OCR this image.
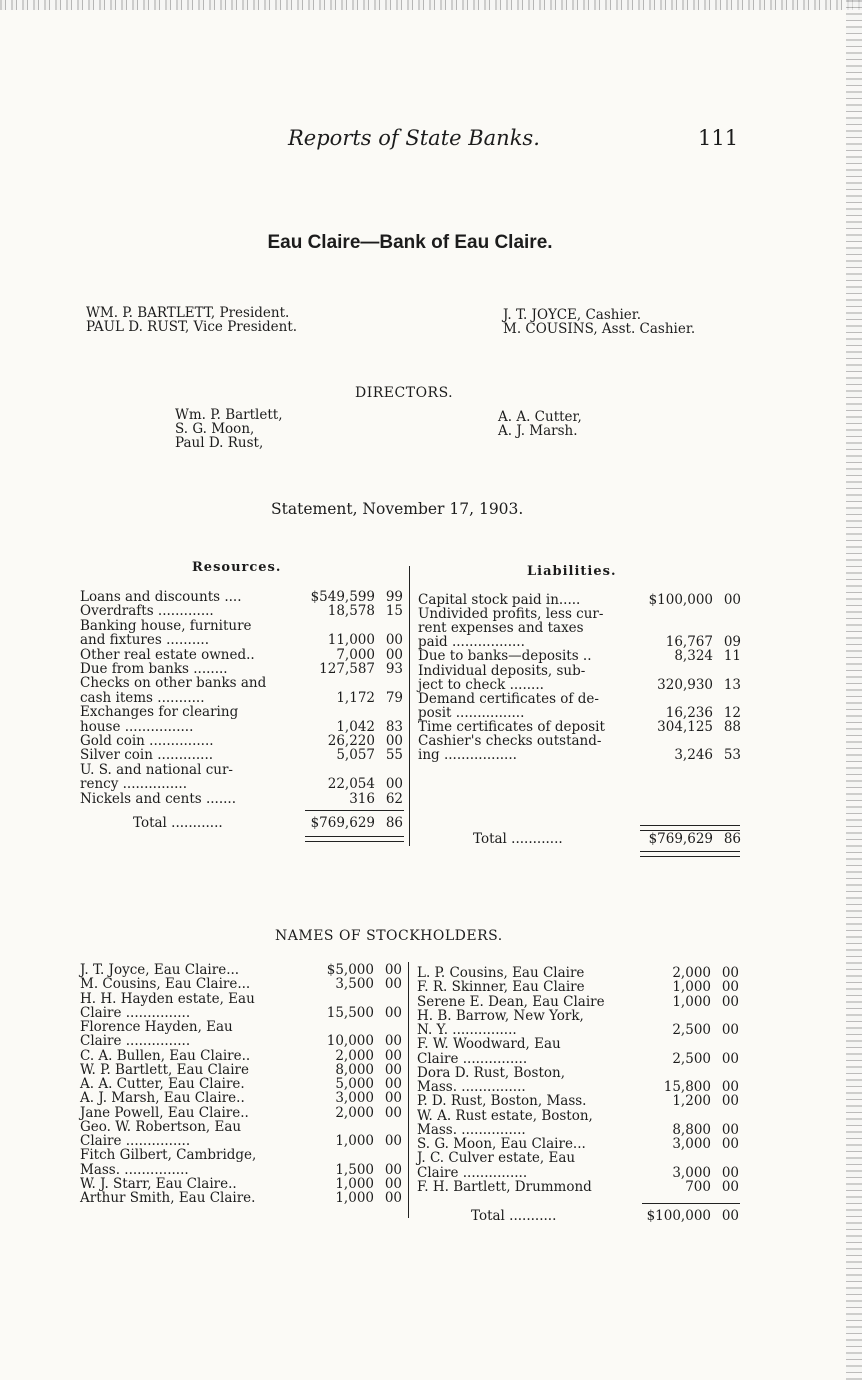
Reports of State Banks.	111
Eau Claire—Bank of Eau Claire.
WM. P. BARTLETT, President.
PAUL D. RUST, Vice President.
J. T. JOYCE, Cashier.
M. COUSINS, Asst. Cashier.
DIRECTORS.
Wm. P. Bartlett,
S. G. Moon,
Paul D. Rust,
A. A. Cutter,
A. J. Marsh.
Statement, November 17, 1903.
Resources.	Liabilities.
Loans and discounts ....	$549,599 99
Overdrafts .............	18,578 15
Banking house, furniture
and fixtures ..........	11,000 00
Other real estate owned..	7,000 00
Due from banks ........	127,587 93
Checks on other banks and
cash items ...........	1,172 79
Exchanges for clearing
house ................	1,042 83
Gold coin ...............	26,220 00
Silver coin .............	5,057 55
U. S. and national cur-
rency ...............	22,054 00
Nickels and cents .......	316 62
Total ............	$769,629 86
Capital stock paid in.....	$100,000 00
Undivided profits, less cur-
rent expenses and taxes
paid .................	16,767 09
Due to banks—deposits ..	8,324 11
Individual deposits, sub-
ject to check ........	320,930 13
Demand certificates of de-
posit ................	16,236 12
Time certificates of deposit	304,125 88
Cashier's checks outstand-
ing .................	3,246 53
Total ............	$769,629 86
NAMES OF STOCKHOLDERS.
J. T. Joyce, Eau Claire...	$5,000 00
M. Cousins, Eau Claire...	3,500 00
H. H. Hayden estate, Eau
Claire ...............	15,500 00
Florence Hayden, Eau
Claire ...............	10,000 00
C. A. Bullen, Eau Claire..	2,000 00
W. P. Bartlett, Eau Claire	8,000 00
A. A. Cutter, Eau Claire.	5,000 00
A. J. Marsh, Eau Claire..	3,000 00
Jane Powell, Eau Claire..	2,000 00
Geo. W. Robertson, Eau
Claire ...............	1,000 00
Fitch Gilbert, Cambridge,
Mass. ...............	1,500 00
W. J. Starr, Eau Claire..	1,000 00
Arthur Smith, Eau Claire.	1,000 00
L. P. Cousins, Eau Claire	2,000 00
F. R. Skinner, Eau Claire	1,000 00
Serene E. Dean, Eau Claire	1,000 00
H. B. Barrow, New York,
N. Y. ...............	2,500 00
F. W. Woodward, Eau
Claire ...............	2,500 00
Dora D. Rust, Boston,
Mass. ...............	15,800 00
P. D. Rust, Boston, Mass.	1,200 00
W. A. Rust estate, Boston,
Mass. ...............	8,800 00
S. G. Moon, Eau Claire...	3,000 00
J. C. Culver estate, Eau
Claire ...............	3,000 00
F. H. Bartlett, Drummond	700 00
Total ...........	$100,000 00
